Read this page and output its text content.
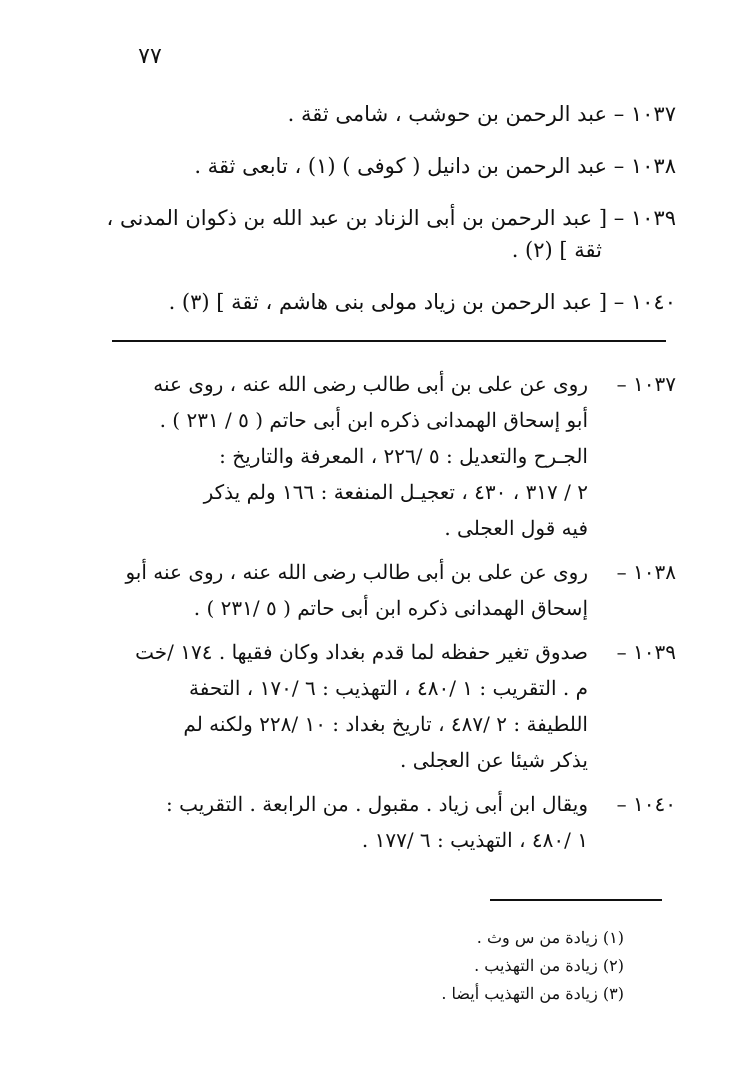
٧٧
١٠٣٧ – عبد الرحمن بن حوشب ، شامى ثقة .
١٠٣٨ – عبد الرحمن بن دانيل ( كوفى ) (١) ، تابعى ثقة .
١٠٣٩ – [ عبد الرحمن بن أبى الزناد بن عبد الله بن ذكوان المدنى ،
ثقة ] (٢) .
١٠٤٠ – [ عبد الرحمن بن زياد مولى بنى هاشم ، ثقة ] (٣) .
١٠٣٧ –
روى عن على بن أبى طالب رضى الله عنه ، روى عنه
أبو إسحاق الهمدانى ذكره ابن أبى حاتم ( ٥ / ٢٣١ ) .
الجـرح والتعديل : ٥ /٢٢٦ ، المعرفة والتاريخ :
٢ / ٣١٧ ، ٤٣٠ ، تعجيـل المنفعة : ١٦٦ ولم يذكر
فيه قول العجلى .
١٠٣٨ –
روى عن على بن أبى طالب رضى الله عنه ، روى عنه أبو
إسحاق الهمدانى ذكره ابن أبى حاتم ( ٥ /٢٣١ ) .
١٠٣٩ –
صدوق تغير حفظه لما قدم بغداد وكان فقيها . ١٧٤ /خت
م . التقريب : ١ /٤٨٠ ، التهذيب : ٦ /١٧٠ ، التحفة
اللطيفة : ٢ /٤٨٧ ، تاريخ بغداد : ١٠ /٢٢٨ ولكنه لم
يذكر شيئا عن العجلى .
١٠٤٠ –
ويقال ابن أبى زياد . مقبول . من الرابعة . التقريب :
١ /٤٨٠ ، التهذيب : ٦ /١٧٧ .
(١) زيادة من س وث .
(٢) زيادة من التهذيب .
(٣) زيادة من التهذيب أيضا .
